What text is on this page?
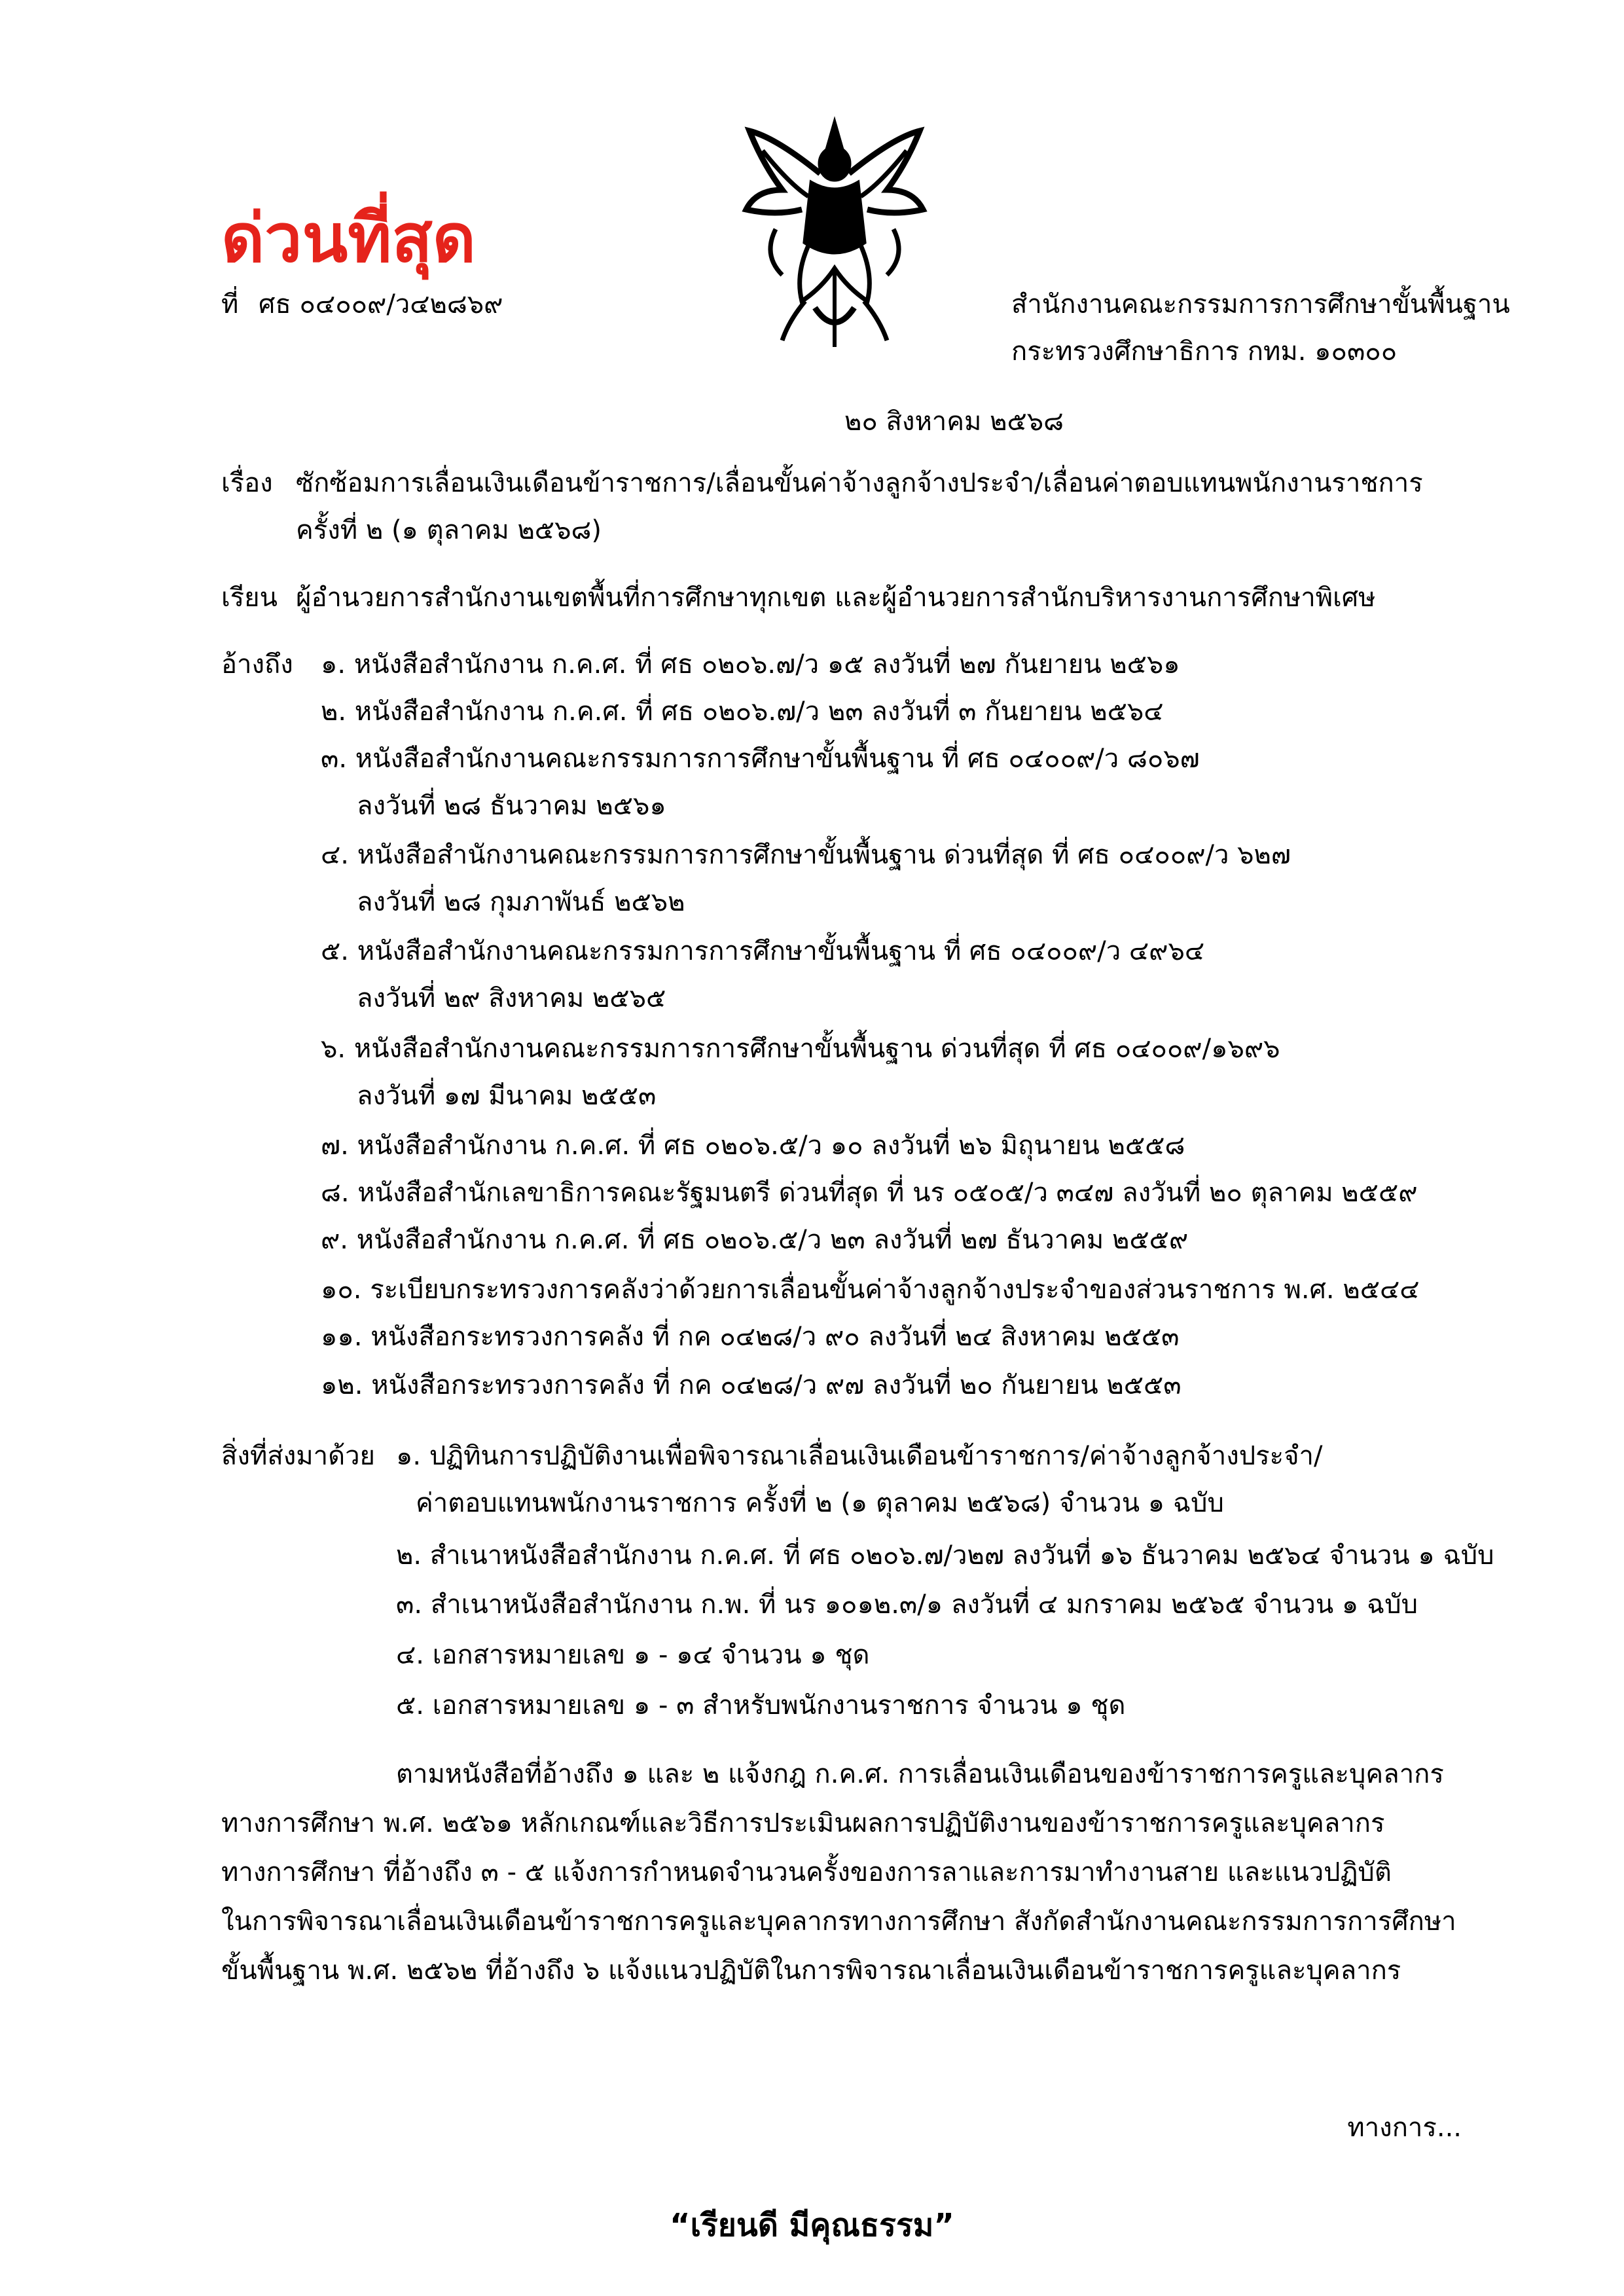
ด่วนที่สุด
ที่ ศธ ๐๔๐๐๙/ว๔๒๘๖๙	สำนักงานคณะกรรมการการศึกษาขั้นพื้นฐาน
กระทรวงศึกษาธิการ กทม. ๑๐๓๐๐
๒๐ สิงหาคม ๒๕๖๘
เรื่อง ซักซ้อมการเลื่อนเงินเดือนข้าราชการ/เลื่อนขั้นค่าจ้างลูกจ้างประจำ/เลื่อนค่าตอบแทนพนักงานราชการ
ครั้งที่ ๒ (๑ ตุลาคม ๒๕๖๘)
เรียน ผู้อำนวยการสำนักงานเขตพื้นที่การศึกษาทุกเขต และผู้อำนวยการสำนักบริหารงานการศึกษาพิเศษ
อ้างถึง ๑. หนังสือสำนักงาน ก.ค.ศ. ที่ ศธ ๐๒๐๖.๗/ว ๑๕ ลงวันที่ ๒๗ กันยายน ๒๕๖๑
๒. หนังสือสำนักงาน ก.ค.ศ. ที่ ศธ ๐๒๐๖.๗/ว ๒๓ ลงวันที่ ๓ กันยายน ๒๕๖๔
๓. หนังสือสำนักงานคณะกรรมการการศึกษาขั้นพื้นฐาน ที่ ศธ ๐๔๐๐๙/ว ๘๐๖๗
ลงวันที่ ๒๘ ธันวาคม ๒๕๖๑
๔. หนังสือสำนักงานคณะกรรมการการศึกษาขั้นพื้นฐาน ด่วนที่สุด ที่ ศธ ๐๔๐๐๙/ว ๖๒๗
ลงวันที่ ๒๘ กุมภาพันธ์ ๒๕๖๒
๕. หนังสือสำนักงานคณะกรรมการการศึกษาขั้นพื้นฐาน ที่ ศธ ๐๔๐๐๙/ว ๔๙๖๔
ลงวันที่ ๒๙ สิงหาคม ๒๕๖๕
๖. หนังสือสำนักงานคณะกรรมการการศึกษาขั้นพื้นฐาน ด่วนที่สุด ที่ ศธ ๐๔๐๐๙/๑๖๙๖
ลงวันที่ ๑๗ มีนาคม ๒๕๕๓
๗. หนังสือสำนักงาน ก.ค.ศ. ที่ ศธ ๐๒๐๖.๕/ว ๑๐ ลงวันที่ ๒๖ มิถุนายน ๒๕๕๘
๘. หนังสือสำนักเลขาธิการคณะรัฐมนตรี ด่วนที่สุด ที่ นร ๐๕๐๕/ว ๓๔๗ ลงวันที่ ๒๐ ตุลาคม ๒๕๕๙
๙. หนังสือสำนักงาน ก.ค.ศ. ที่ ศธ ๐๒๐๖.๕/ว ๒๓ ลงวันที่ ๒๗ ธันวาคม ๒๕๕๙
๑๐. ระเบียบกระทรวงการคลังว่าด้วยการเลื่อนขั้นค่าจ้างลูกจ้างประจำของส่วนราชการ พ.ศ. ๒๕๔๔
๑๑. หนังสือกระทรวงการคลัง ที่ กค ๐๔๒๘/ว ๙๐ ลงวันที่ ๒๔ สิงหาคม ๒๕๕๓
๑๒. หนังสือกระทรวงการคลัง ที่ กค ๐๔๒๘/ว ๙๗ ลงวันที่ ๒๐ กันยายน ๒๕๕๓
สิ่งที่ส่งมาด้วย ๑. ปฏิทินการปฏิบัติงานเพื่อพิจารณาเลื่อนเงินเดือนข้าราชการ/ค่าจ้างลูกจ้างประจำ/
ค่าตอบแทนพนักงานราชการ ครั้งที่ ๒ (๑ ตุลาคม ๒๕๖๘) จำนวน ๑ ฉบับ
๒. สำเนาหนังสือสำนักงาน ก.ค.ศ. ที่ ศธ ๐๒๐๖.๗/ว๒๗ ลงวันที่ ๑๖ ธันวาคม ๒๕๖๔ จำนวน ๑ ฉบับ
๓. สำเนาหนังสือสำนักงาน ก.พ. ที่ นร ๑๐๑๒.๓/๑ ลงวันที่ ๔ มกราคม ๒๕๖๕ จำนวน ๑ ฉบับ
๔. เอกสารหมายเลข ๑ - ๑๔ จำนวน ๑ ชุด
๕. เอกสารหมายเลข ๑ - ๓ สำหรับพนักงานราชการ จำนวน ๑ ชุด
ตามหนังสือที่อ้างถึง ๑ และ ๒ แจ้งกฎ ก.ค.ศ. การเลื่อนเงินเดือนของข้าราชการครูและบุคลากร
ทางการศึกษา พ.ศ. ๒๕๖๑ หลักเกณฑ์และวิธีการประเมินผลการปฏิบัติงานของข้าราชการครูและบุคลากร
ทางการศึกษา ที่อ้างถึง ๓ - ๕ แจ้งการกำหนดจำนวนครั้งของการลาและการมาทำงานสาย และแนวปฏิบัติ
ในการพิจารณาเลื่อนเงินเดือนข้าราชการครูและบุคลากรทางการศึกษา สังกัดสำนักงานคณะกรรมการการศึกษา
ขั้นพื้นฐาน พ.ศ. ๒๕๖๒ ที่อ้างถึง ๖ แจ้งแนวปฏิบัติในการพิจารณาเลื่อนเงินเดือนข้าราชการครูและบุคลากร
ทางการ...
“เรียนดี มีคุณธรรม”
